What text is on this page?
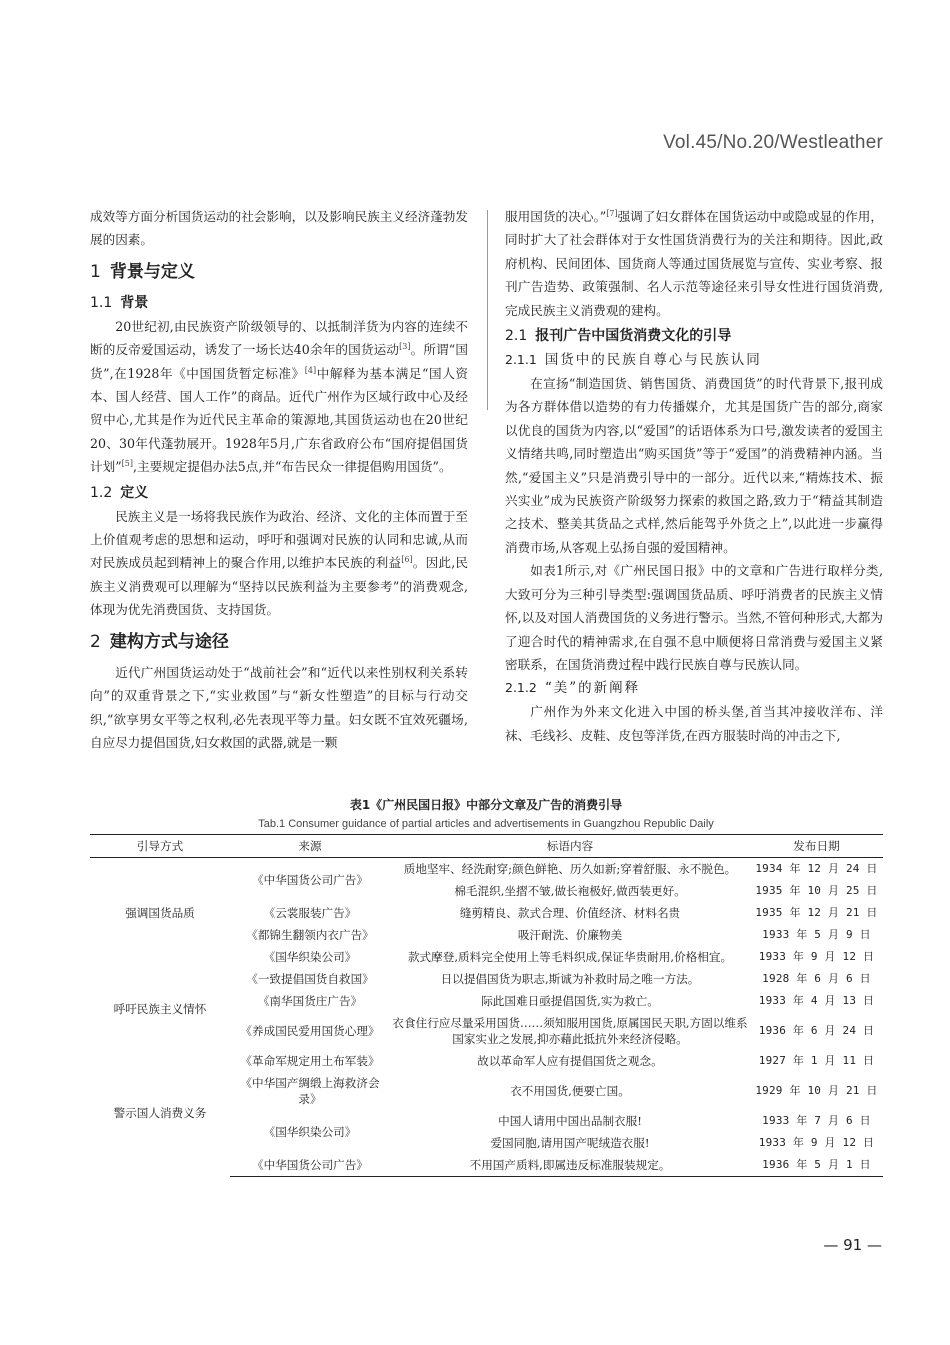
Vol.45/No.20/Westleather

成效等方面分析国货运动的社会影响，以及影响民族主义经济蓬勃发展的因素。

1 背景与定义
1.1 背景

20世纪初,由民族资产阶级领导的、以抵制洋货为内容的连续不断的反帝爱国运动，诱发了一场长达40余年的国货运动[3]。所谓“国货”,在1928年《中国国货暂定标准》[4]中解释为基本满足“国人资本、国人经营、国人工作”的商品。近代广州作为区域行政中心及经贸中心,尤其是作为近代民主革命的策源地,其国货运动也在20世纪20、30年代蓬勃展开。1928年5月,广东省政府公布“国府提倡国货计划”[5],主要规定提倡办法5点,并“布告民众一律提倡购用国货”。

1.2 定义

民族主义是一场将我民族作为政治、经济、文化的主体而置于至上价值观考虑的思想和运动，呼吁和强调对民族的认同和忠诚,从而对民族成员起到精神上的聚合作用,以维护本民族的利益[6]。因此,民族主义消费观可以理解为“坚持以民族利益为主要参考”的消费观念,体现为优先消费国货、支持国货。

2 建构方式与途径

近代广州国货运动处于“战前社会”和“近代以来性别权利关系转向”的双重背景之下,“实业救国”与“新女性塑造”的目标与行动交织,“欲享男女平等之权利,必先表现平等力量。妇女既不宜效死疆场,自应尽力提倡国货,妇女救国的武器,就是一颗

服用国货的决心。”[7]强调了妇女群体在国货运动中或隐或显的作用，同时扩大了社会群体对于女性国货消费行为的关注和期待。因此,政府机构、民间团体、国货商人等通过国货展览与宣传、实业考察、报刊广告造势、政策强制、名人示范等途径来引导女性进行国货消费,完成民族主义消费观的建构。

2.1 报刊广告中国货消费文化的引导
2.1.1 国货中的民族自尊心与民族认同

在宣扬“制造国货、销售国货、消费国货”的时代背景下,报刊成为各方群体借以造势的有力传播媒介，尤其是国货广告的部分,商家以优良的国货为内容,以“爱国”的话语体系为口号,激发读者的爱国主义情绪共鸣,同时塑造出“购买国货”等于“爱国”的消费精神内涵。当然,“爱国主义”只是消费引导中的一部分。近代以来,“精炼技术、振兴实业”成为民族资产阶级努力探索的救国之路,致力于“精益其制造之技术、整美其货品之式样,然后能驾乎外货之上”,以此进一步赢得消费市场,从客观上弘扬自强的爱国精神。

如表1所示,对《广州民国日报》中的文章和广告进行取样分类,大致可分为三种引导类型:强调国货品质、呼吁消费者的民族主义情怀,以及对国人消费国货的义务进行警示。当然,不管何种形式,大都为了迎合时代的精神需求,在自强不息中顺便将日常消费与爱国主义紧密联系，在国货消费过程中践行民族自尊与民族认同。

2.1.2 “美”的新阐释

广州作为外来文化进入中国的桥头堡,首当其冲接收洋布、洋袜、毛线衫、皮鞋、皮包等洋货,在西方服装时尚的冲击之下,

表1《广州民国日报》中部分文章及广告的消费引导
Tab.1 Consumer guidance of partial articles and advertisements in Guangzhou Republic Daily
引导方式	来源	标语内容	发布日期
强调国货品质	《中华国货公司广告》	质地坚牢、经洗耐穿;颜色鲜艳、历久如新;穿着舒服、永不脱色。	1934 年 12 月 24 日
		棉毛混织,坐摺不皱,做长袍极好,做西装更好。	1935 年 10 月 25 日
	《云裳服装广告》	缝剪精良、款式合理、价值经济、材料名贵	1935 年 12 月 21 日
	《都锦生翻领内衣广告》	吸汗耐洗、价廉物美	1933 年 5 月 9 日
	《国华织染公司》	款式摩登,质料完全使用上等毛料织成,保证华贵耐用,价格相宜。	1933 年 9 月 12 日
呼吁民族主义情怀	《一致提倡国货自救国》	日以提倡国货为职志,斯诚为补救时局之唯一方法。	1928 年 6 月 6 日
	《南华国货庄广告》	际此国难日亟提倡国货,实为救亡。	1933 年 4 月 13 日
	《养成国民爱用国货心理》	衣食住行应尽量采用国货……须知服用国货,原属国民天职,方固以维系国家实业之发展,抑亦藉此抵抗外来经济侵略。	1936 年 6 月 24 日
警示国人消费义务	《革命军规定用土布军装》	故以革命军人应有提倡国货之观念。	1927 年 1 月 11 日
	《中华国产绸缎上海救济会录》	衣不用国货,便要亡国。	1929 年 10 月 21 日
	《国华织染公司》	中国人请用中国出品制衣服!	1933 年 7 月 6 日
		爱国同胞,请用国产呢绒造衣服!	1933 年 9 月 12 日
	《中华国货公司广告》	不用国产质料,即属违反标准服装规定。	1936 年 5 月 1 日
— 91 —
